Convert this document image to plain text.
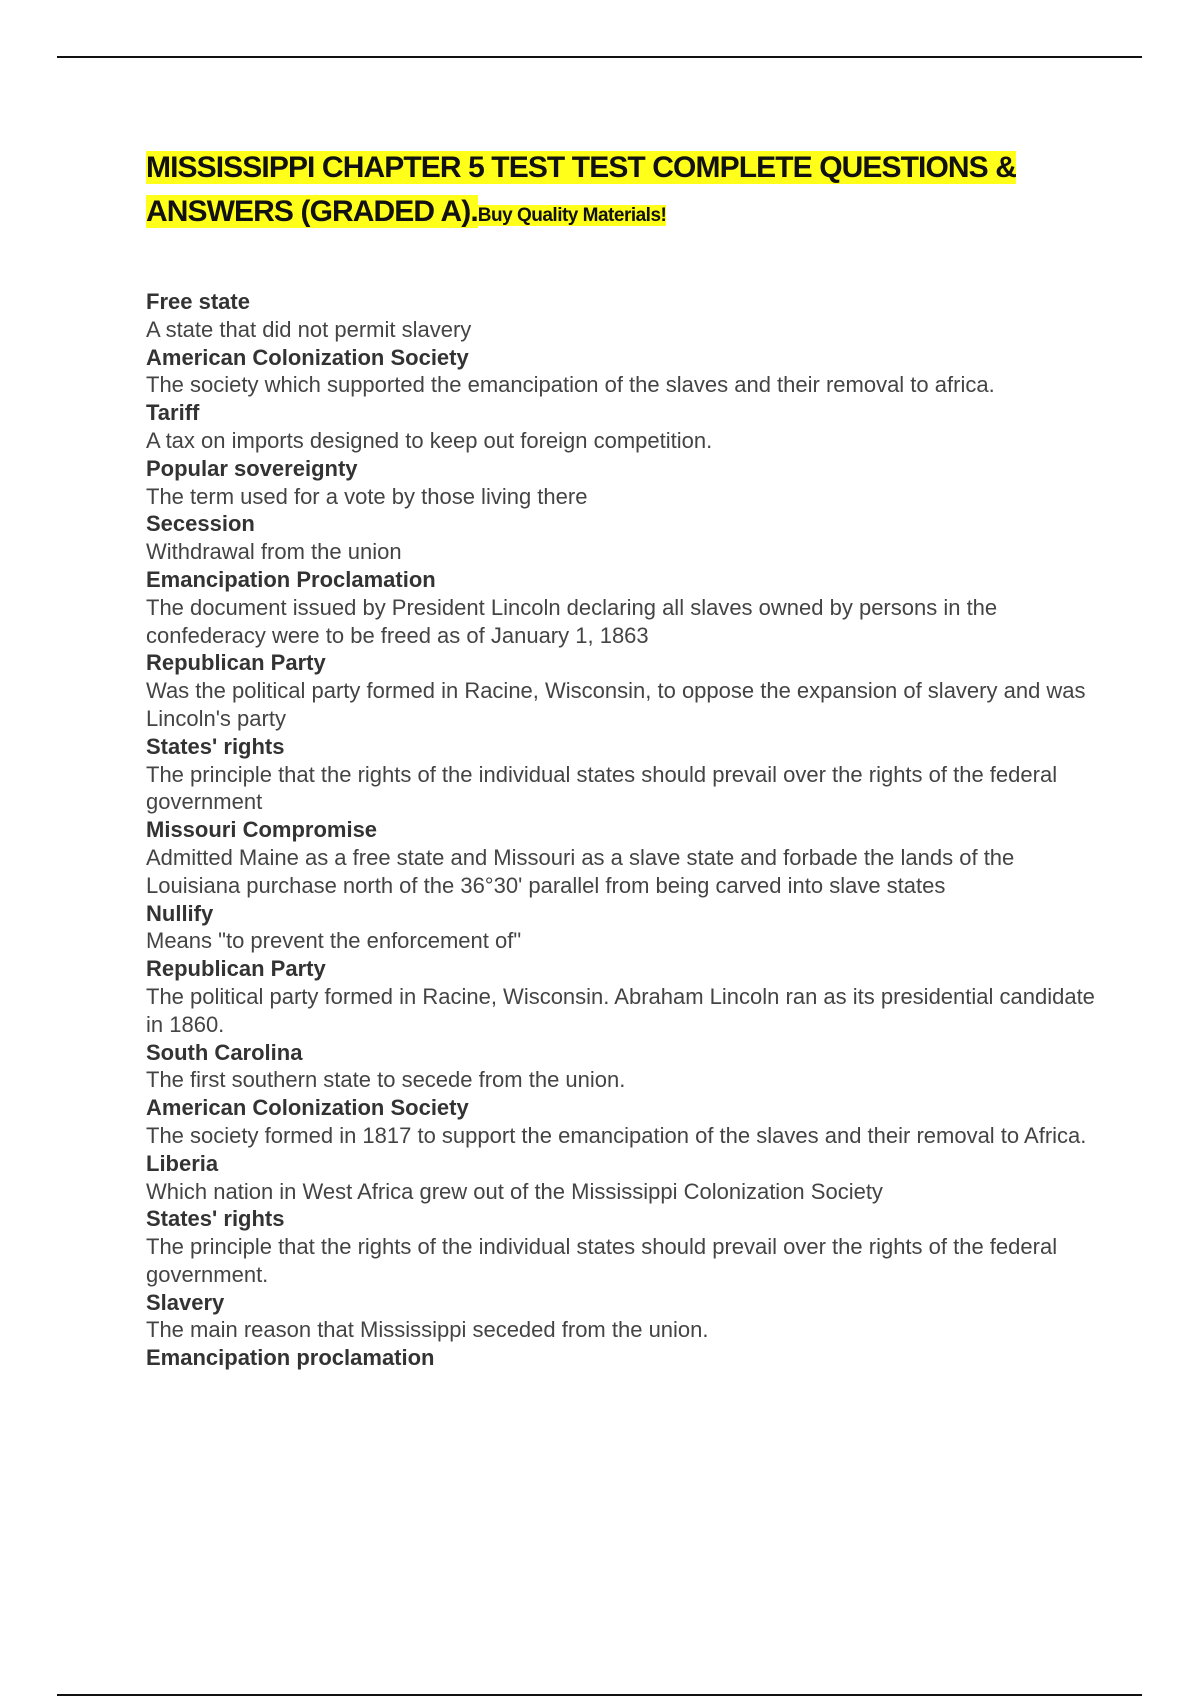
MISSISSIPPI CHAPTER 5 TEST TEST COMPLETE QUESTIONS & ANSWERS (GRADED A).Buy Quality Materials!
Free state
A state that did not permit slavery
American Colonization Society
The society which supported the emancipation of the slaves and their removal to africa.
Tariff
A tax on imports designed to keep out foreign competition.
Popular sovereignty
The term used for a vote by those living there
Secession
Withdrawal from the union
Emancipation Proclamation
The document issued by President Lincoln declaring all slaves owned by persons in the confederacy were to be freed as of January 1, 1863
Republican Party
Was the political party formed in Racine, Wisconsin, to oppose the expansion of slavery and was Lincoln's party
States' rights
The principle that the rights of the individual states should prevail over the rights of the federal government
Missouri Compromise
Admitted Maine as a free state and Missouri as a slave state and forbade the lands of the Louisiana purchase north of the 36°30' parallel from being carved into slave states
Nullify
Means "to prevent the enforcement of"
Republican Party
The political party formed in Racine, Wisconsin. Abraham Lincoln ran as its presidential candidate in 1860.
South Carolina
The first southern state to secede from the union.
American Colonization Society
The society formed in 1817 to support the emancipation of the slaves and their removal to Africa.
Liberia
Which nation in West Africa grew out of the Mississippi Colonization Society
States' rights
The principle that the rights of the individual states should prevail over the rights of the federal government.
Slavery
The main reason that Mississippi seceded from the union.
Emancipation proclamation
